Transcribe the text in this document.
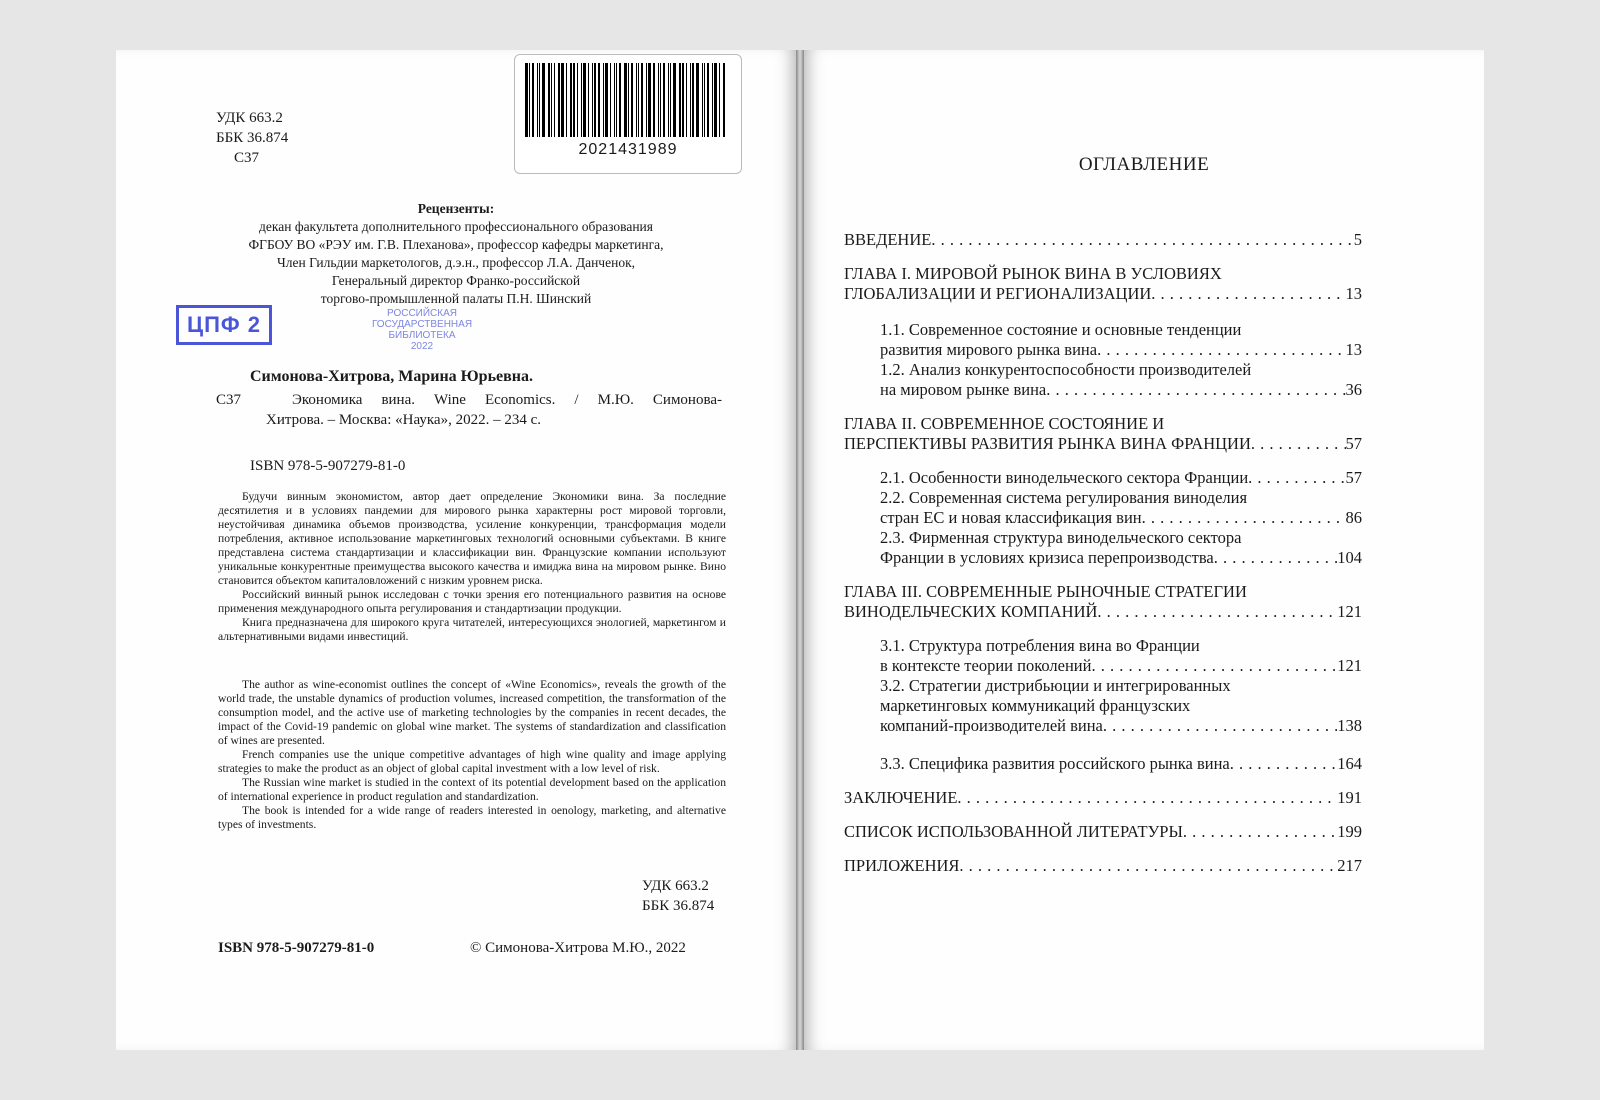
УДК 663.2
ББК 36.874
С37	2021431989
Рецензенты:
декан факультета дополнительного профессионального образования
ФГБОУ ВО «РЭУ им. Г.В. Плеханова», профессор кафедры маркетинга,
Член Гильдии маркетологов, д.э.н., профессор Л.А. Данченок,
Генеральный директор Франко-российской
торгово-промышленной палаты П.Н. Шинский
ЦПФ 2	РОССИЙСКАЯ
ГОСУДАРСТВЕННАЯ
БИБЛИОТЕКА
2022
Симонова-Хитрова, Марина Юрьевна.
С37	Экономика вина. Wine Economics. / М.Ю. Симонова-
Хитрова. – Москва: «Наука», 2022. – 234 с.
ISBN 978-5-907279-81-0
Будучи винным экономистом, автор дает определение Экономики вина. За последние десятилетия и в условиях пандемии для мирового рынка характерны рост мировой торговли, неустойчивая динамика объемов производства, усиление конкуренции, трансформация модели потребления, активное использование маркетинговых технологий основными субъектами. В книге представлена система стандартизации и классификации вин. Французские компании используют уникальные конкурентные преимущества высокого качества и имиджа вина на мировом рынке. Вино становится объектом капиталовложений с низким уровнем риска.
Российский винный рынок исследован с точки зрения его потенциального развития на основе применения международного опыта регулирования и стандартизации продукции.
Книга предназначена для широкого круга читателей, интересующихся энологией, маркетингом и альтернативными видами инвестиций.
The author as wine-economist outlines the concept of «Wine Economics», reveals the growth of the world trade, the unstable dynamics of production volumes, increased competition, the transformation of the consumption model, and the active use of marketing technologies by the companies in recent decades, the impact of the Covid-19 pandemic on global wine market. The systems of standardization and classification of wines are presented.
French companies use the unique competitive advantages of high wine quality and image applying strategies to make the product as an object of global capital investment with a low level of risk.
The Russian wine market is studied in the context of its potential development based on the application of international experience in product regulation and standardization.
The book is intended for a wide range of readers interested in oenology, marketing, and alternative types of investments.
УДК 663.2
ББК 36.874
ISBN 978-5-907279-81-0	© Симонова-Хитрова М.Ю., 2022
ОГЛАВЛЕНИЕ
ВВЕДЕНИЕ . . .	5
ГЛАВА I. МИРОВОЙ РЫНОК ВИНА В УСЛОВИЯХ
ГЛОБАЛИЗАЦИИ И РЕГИОНАЛИЗАЦИИ . . .	13
1.1. Современное состояние и основные тенденции
развития мирового рынка вина . . .	13
1.2. Анализ конкурентоспособности производителей
на мировом рынке вина . . .	36
ГЛАВА II. СОВРЕМЕННОЕ СОСТОЯНИЕ И
ПЕРСПЕКТИВЫ РАЗВИТИЯ РЫНКА ВИНА ФРАНЦИИ . . .	57
2.1. Особенности винодельческого сектора Франции . . .	57
2.2. Современная система регулирования виноделия
стран ЕС и новая классификация вин . . .	86
2.3. Фирменная структура винодельческого сектора
Франции в условиях кризиса перепроизводства . . .	104
ГЛАВА III. СОВРЕМЕННЫЕ РЫНОЧНЫЕ СТРАТЕГИИ
ВИНОДЕЛЬЧЕСКИХ КОМПАНИЙ . . .	121
3.1. Структура потребления вина во Франции
в контексте теории поколений . . .	121
3.2. Стратегии дистрибьюции и интегрированных
маркетинговых коммуникаций французских
компаний-производителей вина . . .	138
3.3. Специфика развития российского рынка вина . . .	164
ЗАКЛЮЧЕНИЕ . . .	191
СПИСОК ИСПОЛЬЗОВАННОЙ ЛИТЕРАТУРЫ . . .	199
ПРИЛОЖЕНИЯ . . .	217
